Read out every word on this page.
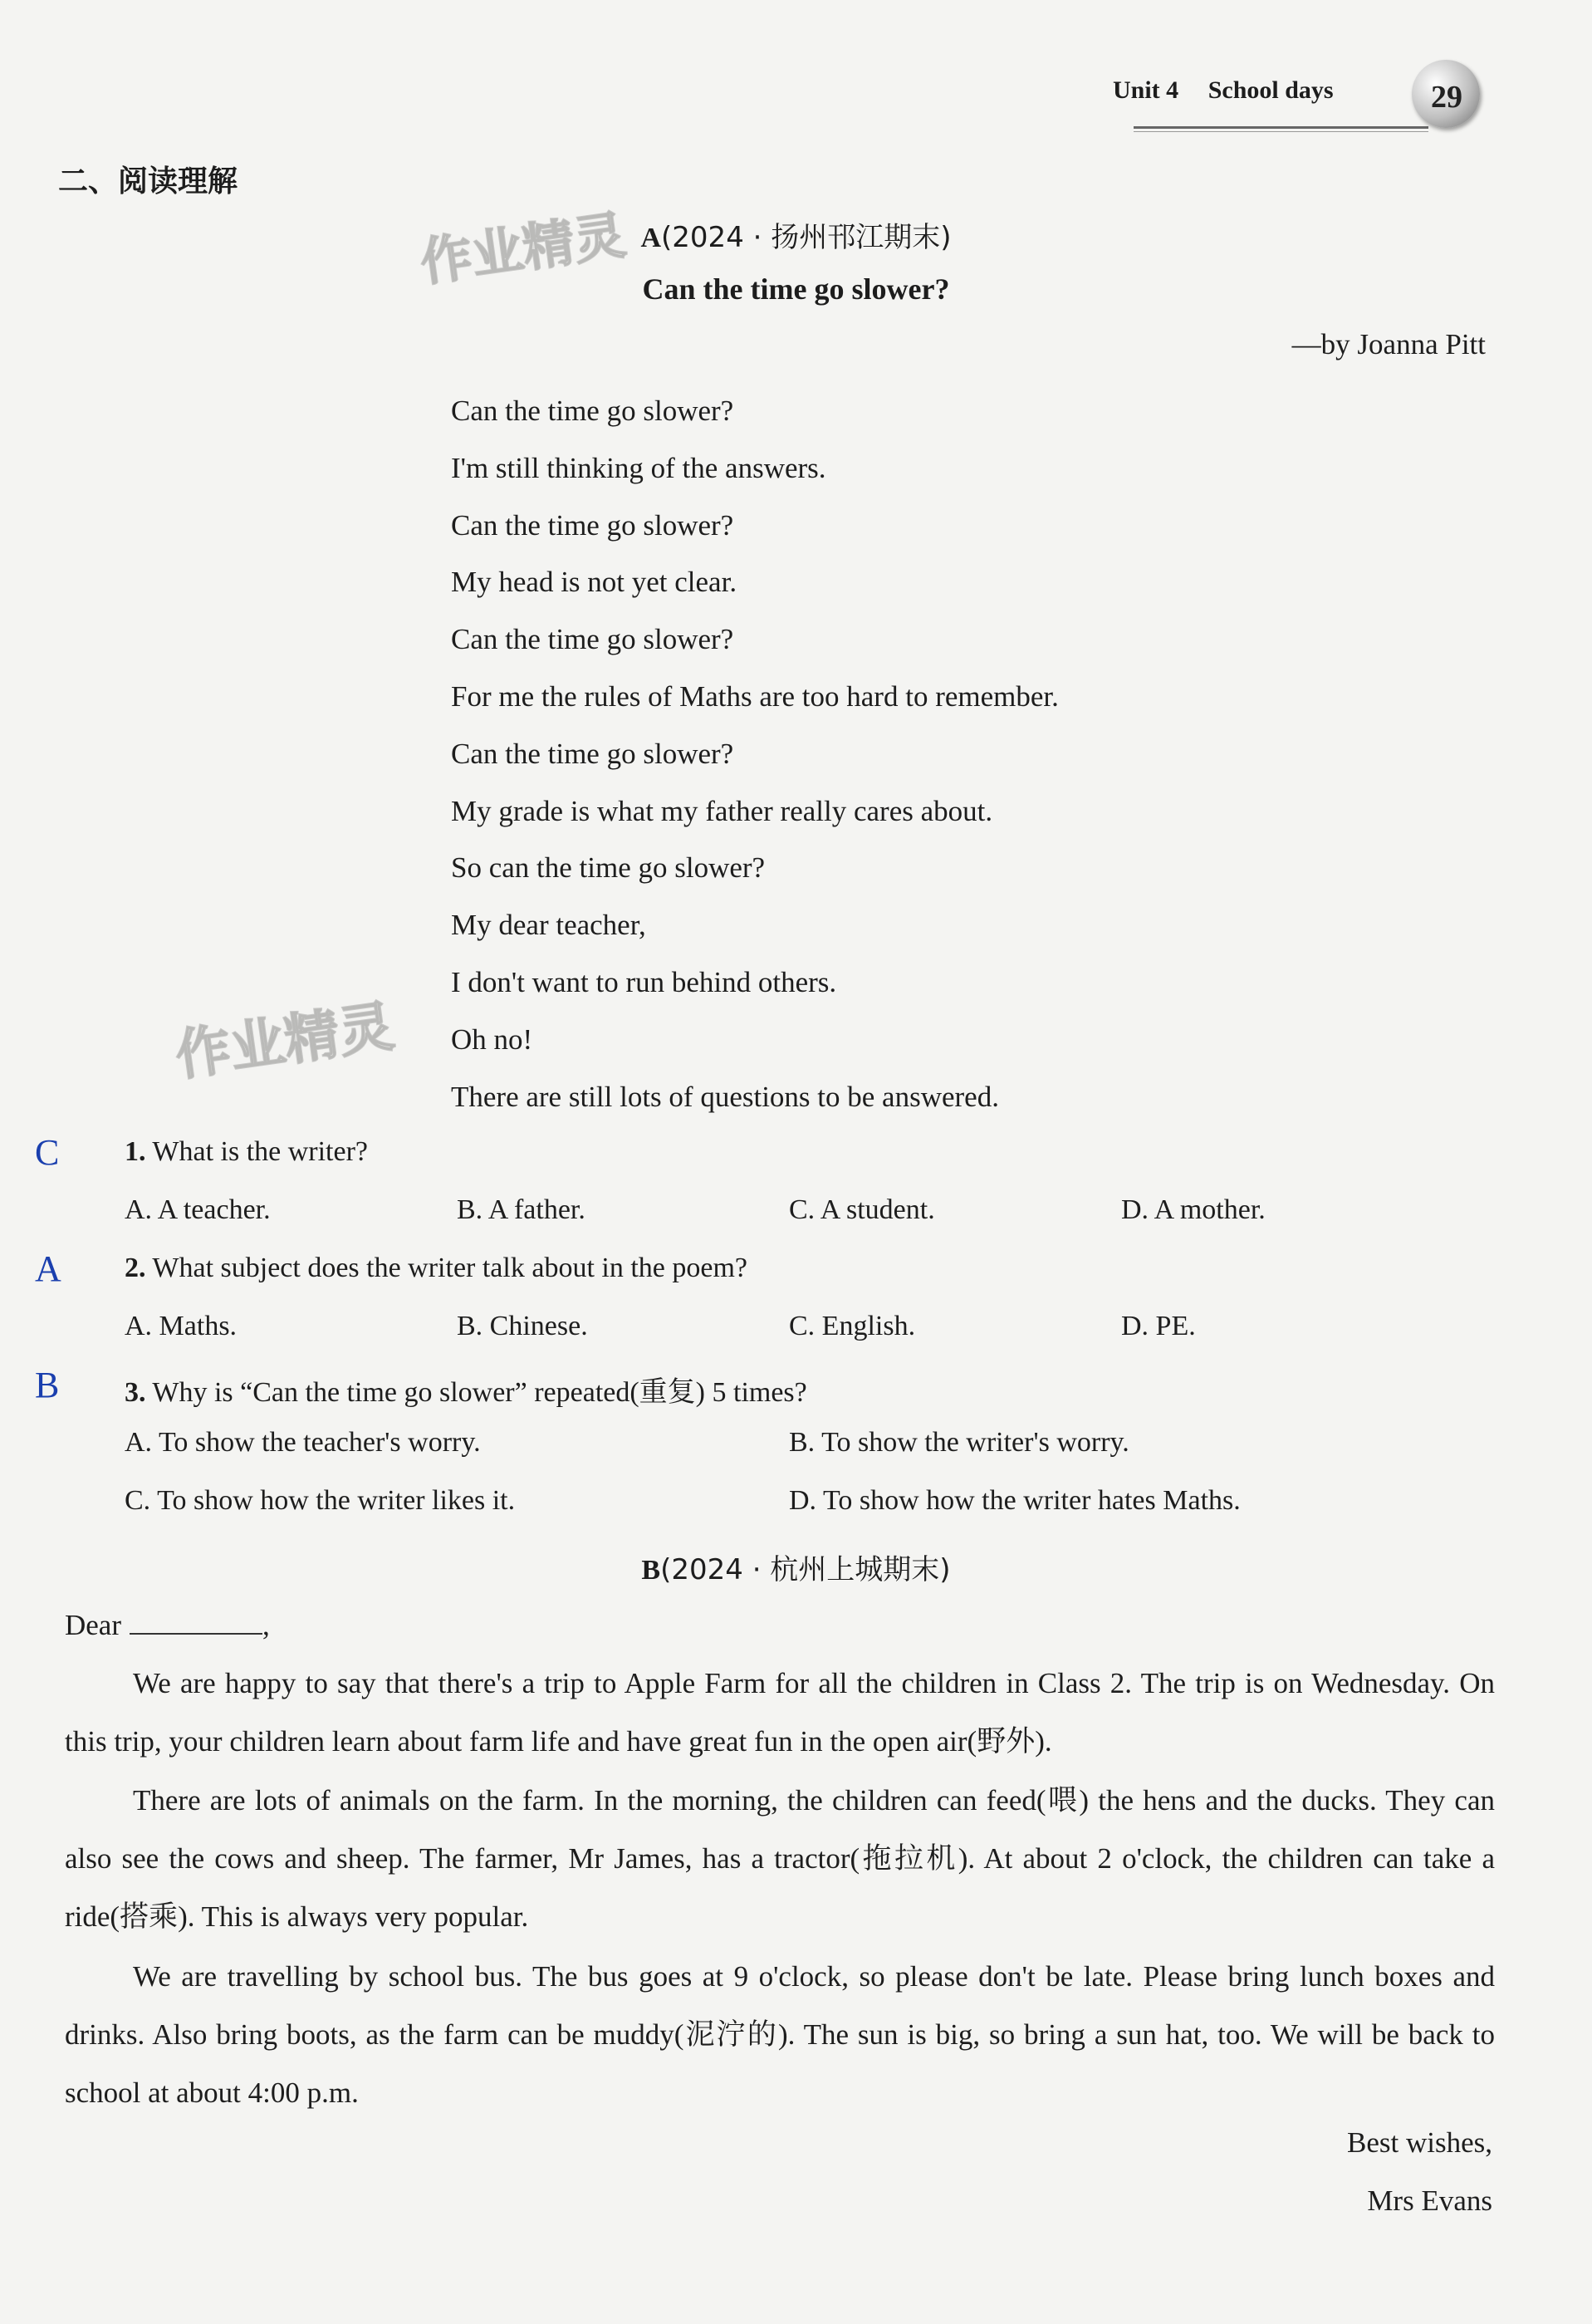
Unit 4 School days	29
作业精灵
作业精灵
二、阅读理解
A(2024 · 扬州邗江期末)
Can the time go slower?
—by Joanna Pitt
Can the time go slower?
I'm still thinking of the answers.
Can the time go slower?
My head is not yet clear.
Can the time go slower?
For me the rules of Maths are too hard to remember.
Can the time go slower?
My grade is what my father really cares about.
So can the time go slower?
My dear teacher,
I don't want to run behind others.
Oh no!
There are still lots of questions to be answered.
C 1. What is the writer?
A. A teacher.	B. A father.	C. A student.	D. A mother.
A 2. What subject does the writer talk about in the poem?
A. Maths.	B. Chinese.	C. English.	D. PE.
B 3. Why is “Can the time go slower” repeated(重复) 5 times?
A. To show the teacher's worry.	B. To show the writer's worry.
C. To show how the writer likes it.	D. To show how the writer hates Maths.
B(2024 · 杭州上城期末)
Dear	,
We are happy to say that there's a trip to Apple Farm for all the children in Class 2. The trip is on Wednesday. On this trip, your children learn about farm life and have great fun in the open air(野外).
There are lots of animals on the farm. In the morning, the children can feed(喂) the hens and the ducks. They can also see the cows and sheep. The farmer, Mr James, has a tractor(拖拉机). At about 2 o'clock, the children can take a ride(搭乘). This is always very popular.
We are travelling by school bus. The bus goes at 9 o'clock, so please don't be late. Please bring lunch boxes and drinks. Also bring boots, as the farm can be muddy(泥泞的). The sun is big, so bring a sun hat, too. We will be back to school at about 4:00 p.m.
Best wishes,
Mrs Evans
